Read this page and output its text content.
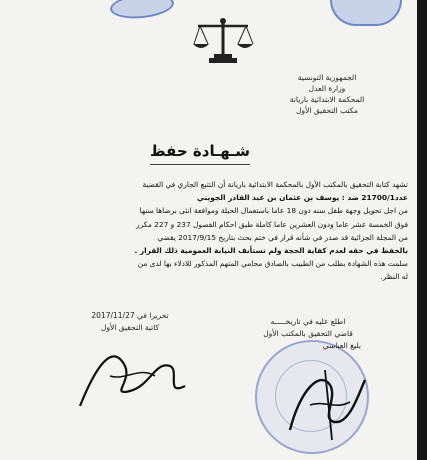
الجمهورية التونسية
وزارة العدل
المحكمة الابتدائية باريانة
مكتب التحقيق الأول
شـهـادة حفظ

تشهد كتابة التحقيق بالمكتب الأول بالمحكمة الابتدائية باريانة أن التتبع الجاري في القضية

عدد21700/1 ضد : يوسف بن عثمان بن عبد القادر الجويني

من اجل تحويل وجهة طفل سنه دون 18 عاما باستعمال الحيلة وموافعة انثى برضاها سنها

فوق الخمسة عشر عاما ودون العشرين عاما كاملة طبق احكام الفصول 237 و 227 مكرر

من المجلة الجزائية قد صدر في شأنه قرار في ختم بحث بتاريخ 2017/9/15 يقضي

بالحفظ في حقه لعدم كفاية الحجة ولم تستأنف النيابة العمومية ذلك القرار .

سلمت هذه الشهادة بطلب من الطبيب بالصادق محامي المتهم المذكور للادلاء بها لدى من

له النظر.

تحريرا في 2017/11/27
كاتبة التحقيق الأول
اطلع عليه في تاريخـــــه
قاضي التحقيق بالمكتب الأول
بليغ العباسي
